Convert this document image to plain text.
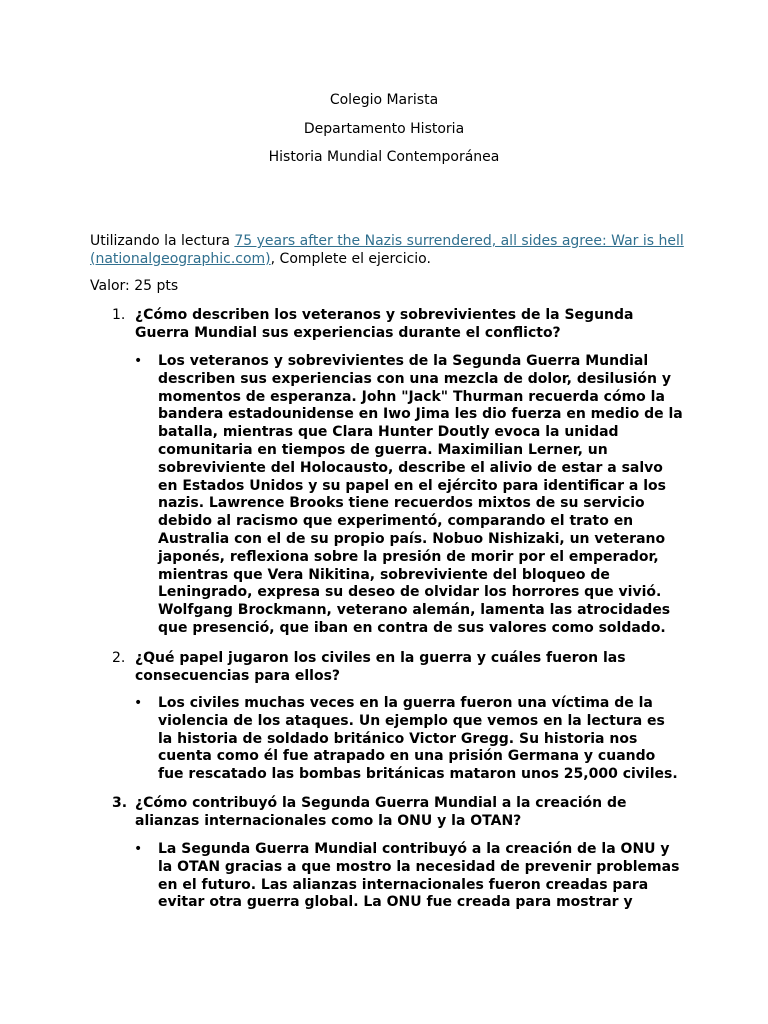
Colegio Marista
Departamento Historia
Historia Mundial Contemporánea
Utilizando la lectura 75 years after the Nazis surrendered, all sides agree: War is hell (nationalgeographic.com), Complete el ejercicio.
Valor: 25 pts
1. ¿Cómo describen los veteranos y sobrevivientes de la Segunda Guerra Mundial sus experiencias durante el conflicto?
• Los veteranos y sobrevivientes de la Segunda Guerra Mundial describen sus experiencias con una mezcla de dolor, desilusión y momentos de esperanza. John "Jack" Thurman recuerda cómo la bandera estadounidense en Iwo Jima les dio fuerza en medio de la batalla, mientras que Clara Hunter Doutly evoca la unidad comunitaria en tiempos de guerra. Maximilian Lerner, un sobreviviente del Holocausto, describe el alivio de estar a salvo en Estados Unidos y su papel en el ejército para identificar a los nazis. Lawrence Brooks tiene recuerdos mixtos de su servicio debido al racismo que experimentó, comparando el trato en Australia con el de su propio país. Nobuo Nishizaki, un veterano japonés, reflexiona sobre la presión de morir por el emperador, mientras que Vera Nikitina, sobreviviente del bloqueo de Leningrado, expresa su deseo de olvidar los horrores que vivió. Wolfgang Brockmann, veterano alemán, lamenta las atrocidades que presenció, que iban en contra de sus valores como soldado.
2. ¿Qué papel jugaron los civiles en la guerra y cuáles fueron las consecuencias para ellos?
• Los civiles muchas veces en la guerra fueron una víctima de la violencia de los ataques. Un ejemplo que vemos en la lectura es la historia de soldado británico Victor Gregg. Su historia nos cuenta como él fue atrapado en una prisión Germana y cuando fue rescatado las bombas británicas mataron unos 25,000 civiles.
3. ¿Cómo contribuyó la Segunda Guerra Mundial a la creación de alianzas internacionales como la ONU y la OTAN?
• La Segunda Guerra Mundial contribuyó a la creación de la ONU y la OTAN gracias a que mostro la necesidad de prevenir problemas en el futuro. Las alianzas internacionales fueron creadas para evitar otra guerra global. La ONU fue creada para mostrar y
